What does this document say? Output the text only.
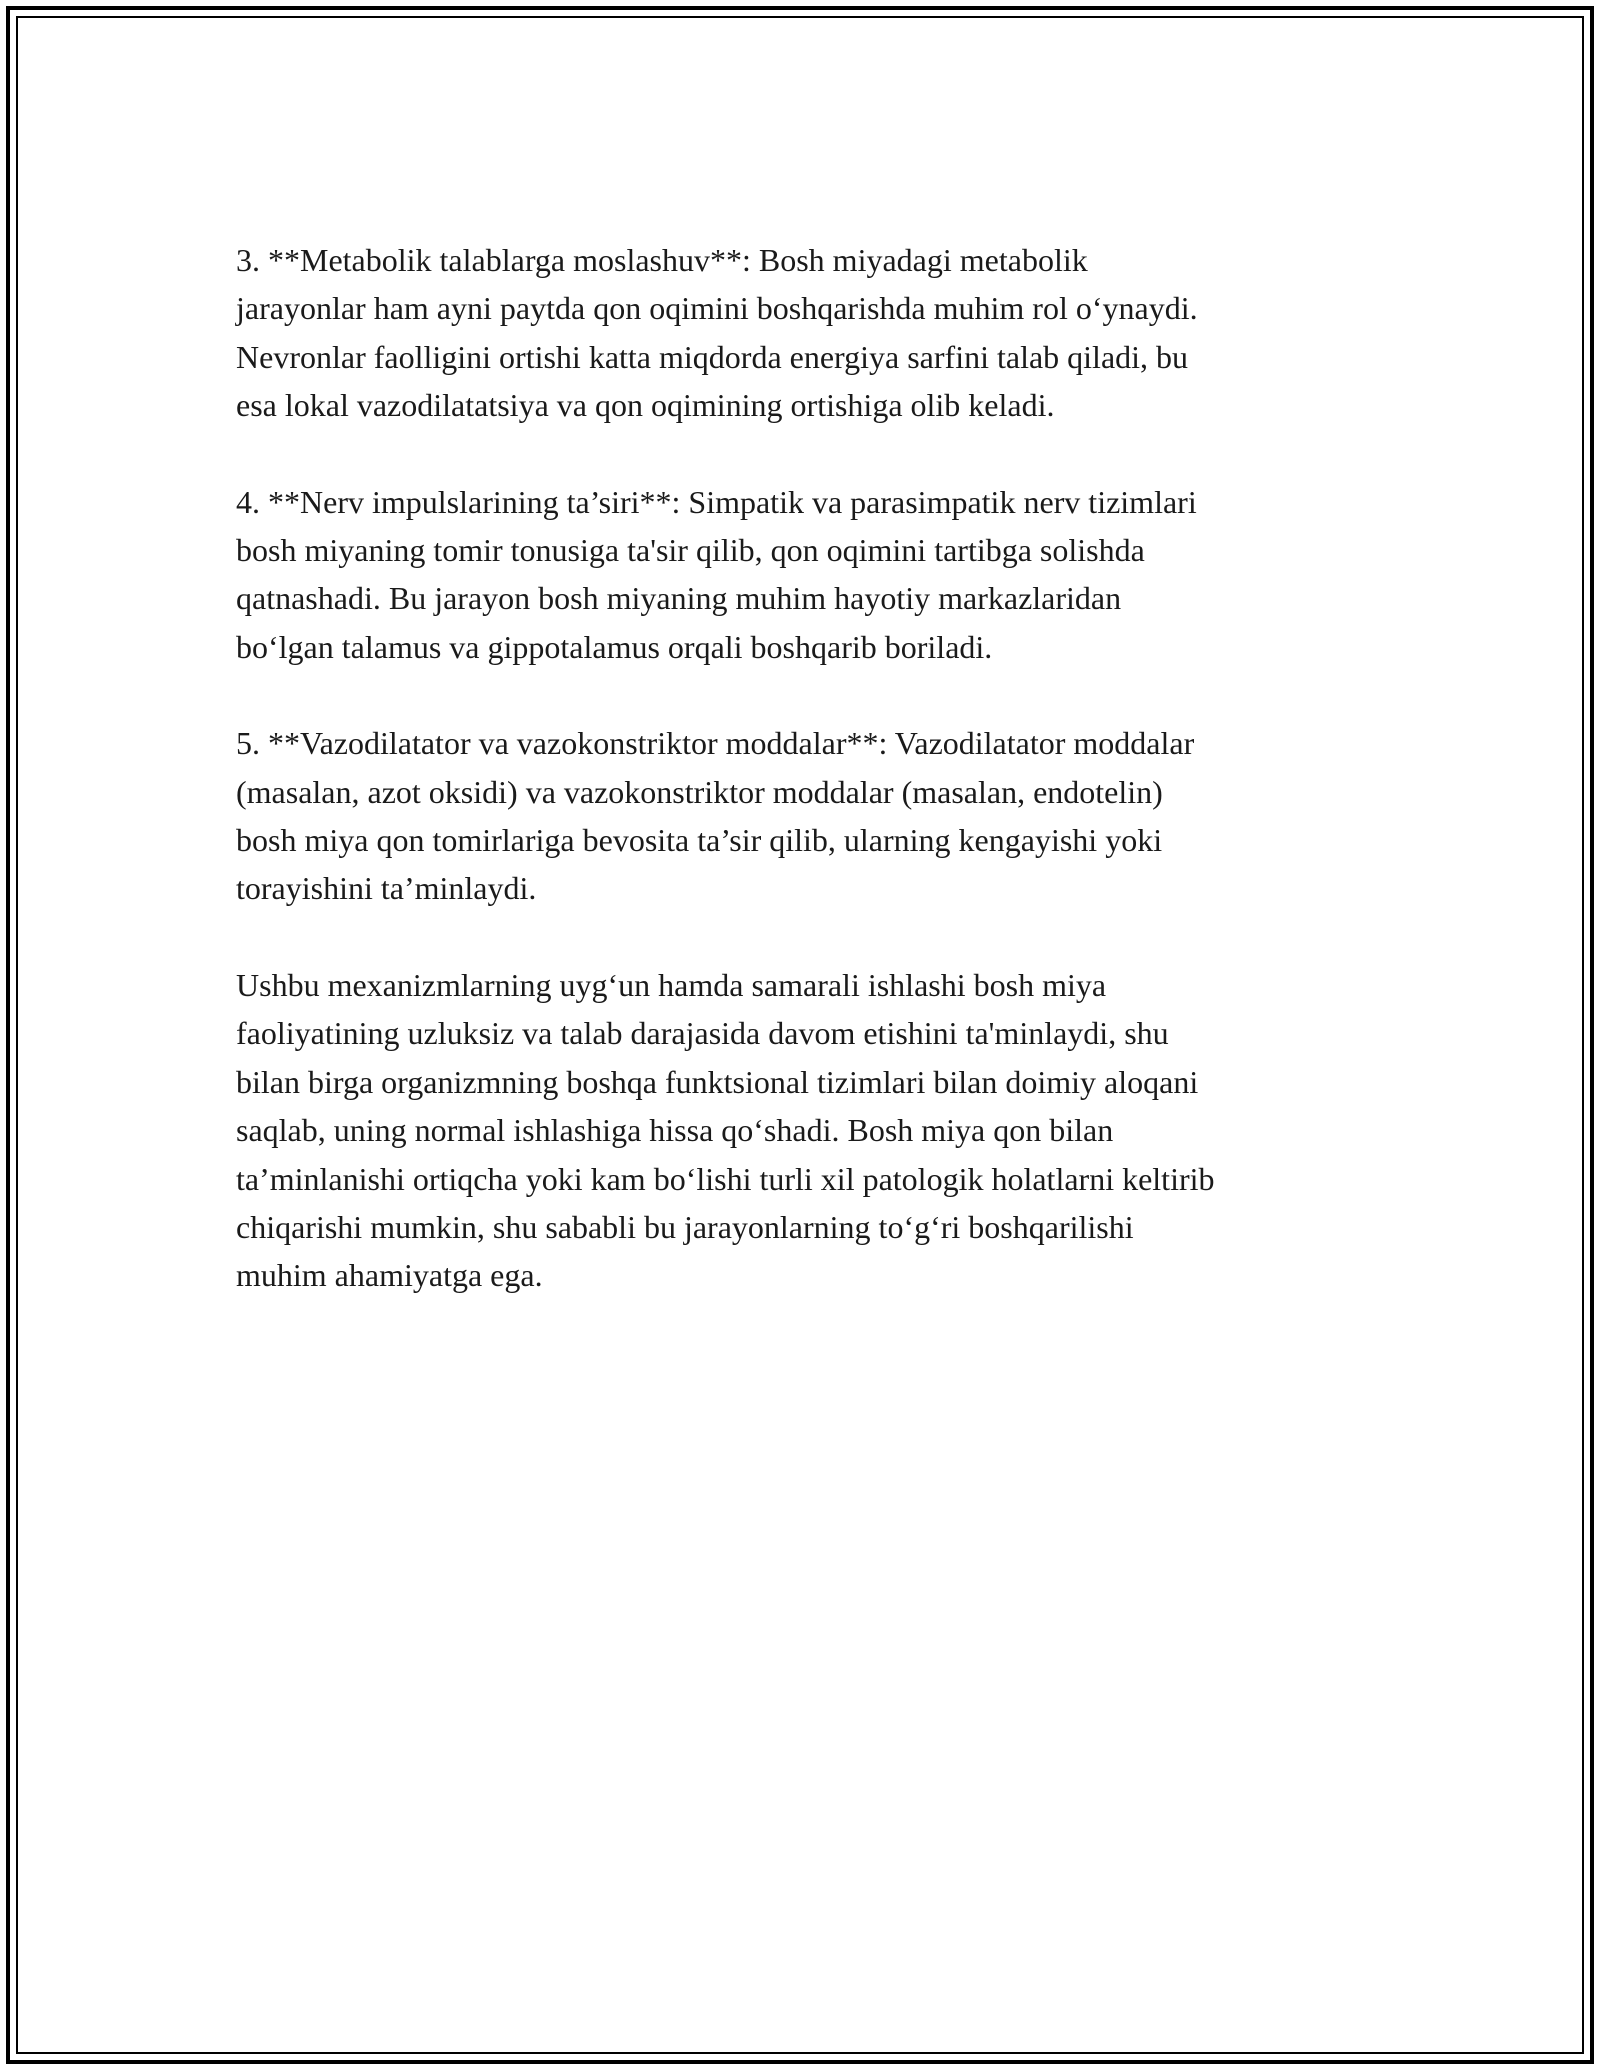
3. **Metabolik talablarga moslashuv**: Bosh miyadagi metabolik
jarayonlar ham ayni paytda qon oqimini boshqarishda muhim rol o‘ynaydi.
Nevronlar faolligini ortishi katta miqdorda energiya sarfini talab qiladi, bu
esa lokal vazodilatatsiya va qon oqimining ortishiga olib keladi.

4. **Nerv impulslarining ta’siri**: Simpatik va parasimpatik nerv tizimlari
bosh miyaning tomir tonusiga ta'sir qilib, qon oqimini tartibga solishda
qatnashadi. Bu jarayon bosh miyaning muhim hayotiy markazlaridan
bo‘lgan talamus va gippotalamus orqali boshqarib boriladi.

5. **Vazodilatator va vazokonstriktor moddalar**: Vazodilatator moddalar
(masalan, azot oksidi) va vazokonstriktor moddalar (masalan, endotelin)
bosh miya qon tomirlariga bevosita ta’sir qilib, ularning kengayishi yoki
torayishini ta’minlaydi.

Ushbu mexanizmlarning uyg‘un hamda samarali ishlashi bosh miya
faoliyatining uzluksiz va talab darajasida davom etishini ta'minlaydi, shu
bilan birga organizmning boshqa funktsional tizimlari bilan doimiy aloqani
saqlab, uning normal ishlashiga hissa qo‘shadi. Bosh miya qon bilan
ta’minlanishi ortiqcha yoki kam bo‘lishi turli xil patologik holatlarni keltirib
chiqarishi mumkin, shu sababli bu jarayonlarning to‘g‘ri boshqarilishi
muhim ahamiyatga ega.
